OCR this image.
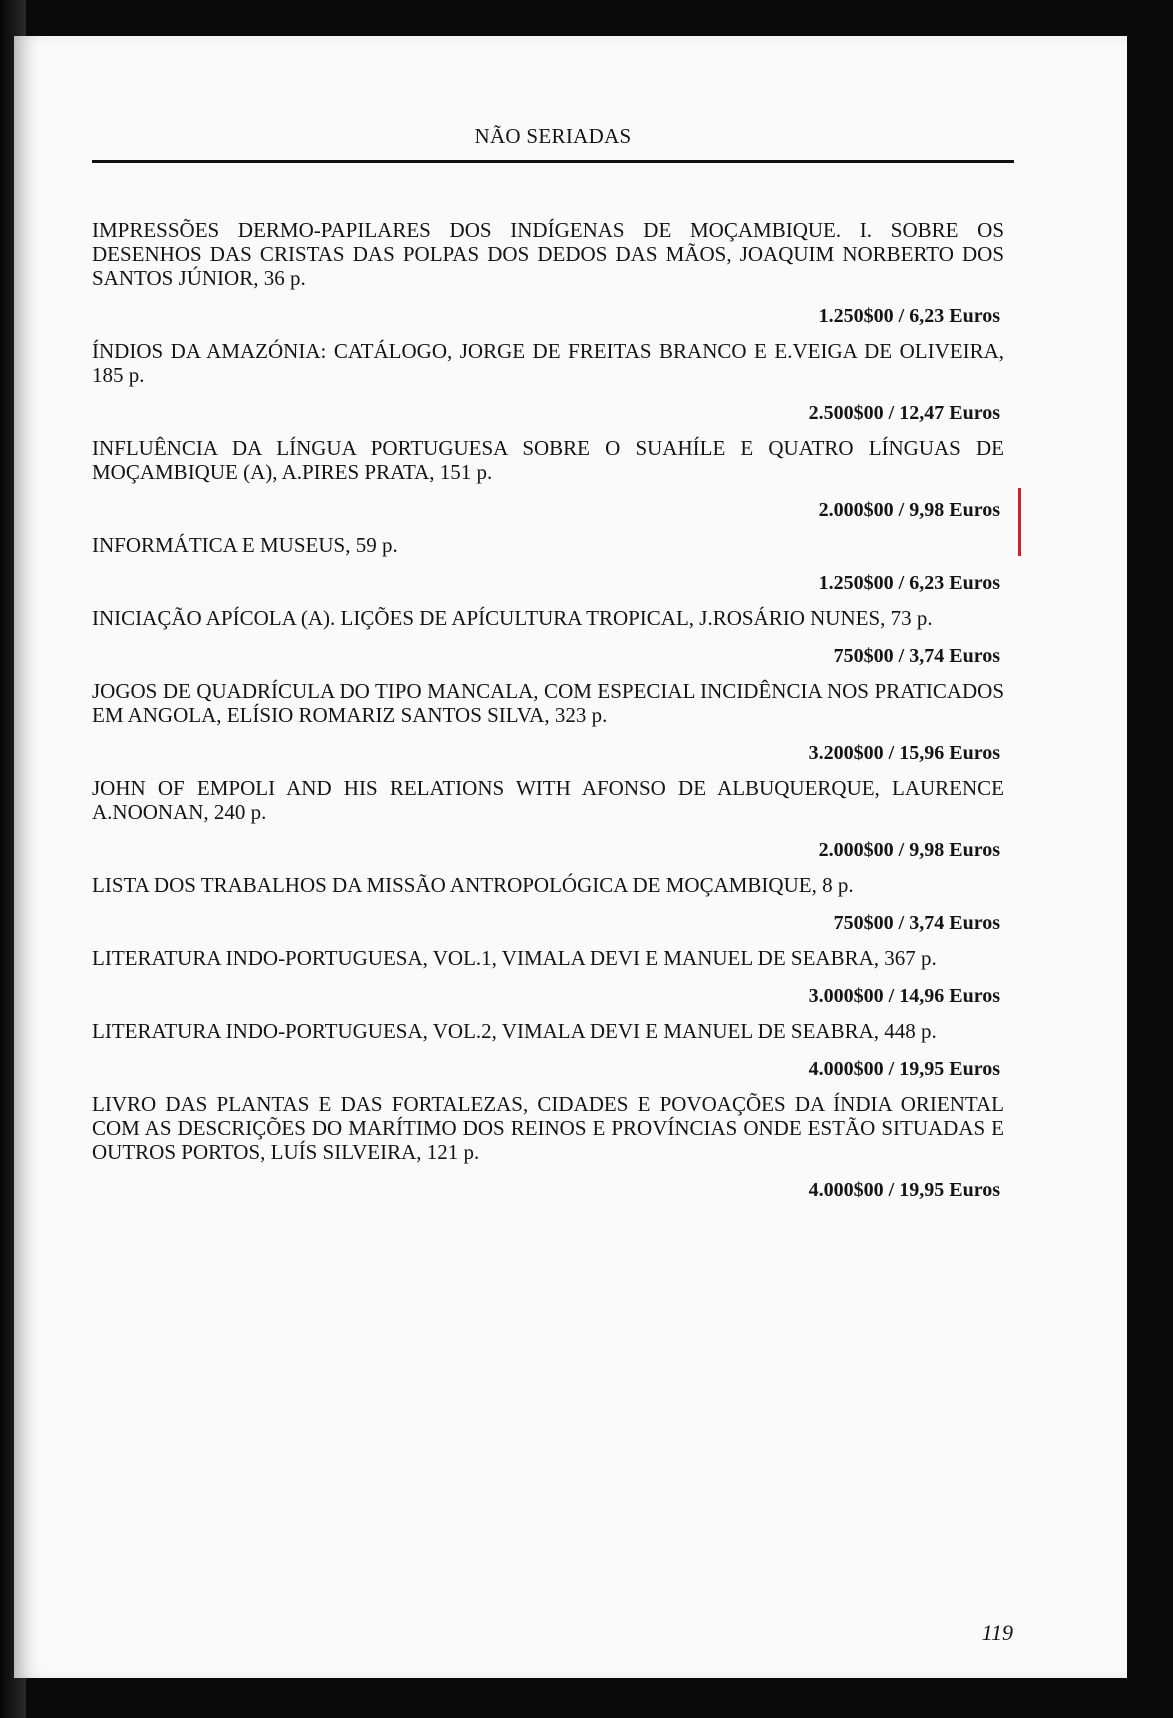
NÃO SERIADAS

IMPRESSÕES DERMO-PAPILARES DOS INDÍGENAS DE MOÇAMBIQUE. I. SOBRE OS DESENHOS DAS CRISTAS DAS POLPAS DOS DEDOS DAS MÃOS, JOAQUIM NORBERTO DOS SANTOS JÚNIOR, 36 p.

1.250$00 / 6,23 Euros

ÍNDIOS DA AMAZÓNIA: CATÁLOGO, JORGE DE FREITAS BRANCO E E.VEIGA DE OLIVEIRA, 185 p.

2.500$00 / 12,47 Euros

INFLUÊNCIA DA LÍNGUA PORTUGUESA SOBRE O SUAHÍLE E QUATRO LÍNGUAS DE MOÇAMBIQUE (A), A.PIRES PRATA, 151 p.

2.000$00 / 9,98 Euros

INFORMÁTICA E MUSEUS, 59 p.

1.250$00 / 6,23 Euros

INICIAÇÃO APÍCOLA (A). LIÇÕES DE APÍCULTURA TROPICAL, J.ROSÁRIO NUNES, 73 p.

750$00 / 3,74 Euros

JOGOS DE QUADRÍCULA DO TIPO MANCALA, COM ESPECIAL INCIDÊNCIA NOS PRATICADOS EM ANGOLA, ELÍSIO ROMARIZ SANTOS SILVA, 323 p.

3.200$00 / 15,96 Euros

JOHN OF EMPOLI AND HIS RELATIONS WITH AFONSO DE ALBUQUERQUE, LAURENCE A.NOONAN, 240 p.

2.000$00 / 9,98 Euros

LISTA DOS TRABALHOS DA MISSÃO ANTROPOLÓGICA DE MOÇAMBIQUE, 8 p.

750$00 / 3,74 Euros

LITERATURA INDO-PORTUGUESA, VOL.1, VIMALA DEVI E MANUEL DE SEABRA, 367 p.

3.000$00 / 14,96 Euros

LITERATURA INDO-PORTUGUESA, VOL.2, VIMALA DEVI E MANUEL DE SEABRA, 448 p.

4.000$00 / 19,95 Euros

LIVRO DAS PLANTAS E DAS FORTALEZAS, CIDADES E POVOAÇÕES DA ÍNDIA ORIENTAL COM AS DESCRIÇÕES DO MARÍTIMO DOS REINOS E PROVÍNCIAS ONDE ESTÃO SITUADAS E OUTROS PORTOS, LUÍS SILVEIRA, 121 p.

4.000$00 / 19,95 Euros
119
